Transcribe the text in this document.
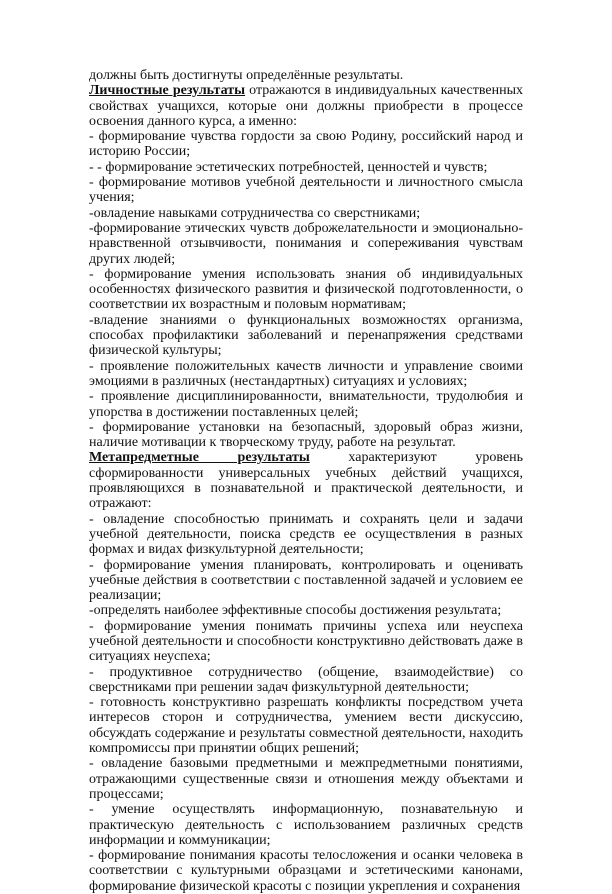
должны быть достигнуты определённые результаты.

Личностные результаты отражаются в индивидуальных качественных свойствах учащихся, которые они должны приобрести в процессе освоения данного курса, а именно:

- формирование чувства гордости за свою Родину, российский народ и историю России;

- - формирование эстетических потребностей, ценностей и чувств;

- формирование мотивов учебной деятельности и личностного смысла учения;

-овладение навыками сотрудничества со сверстниками;

-формирование этических чувств доброжелательности и эмоционально-нравственной отзывчивости, понимания и сопереживания чувствам других людей;

- формирование умения использовать знания об индивидуальных особенностях физического развития и физической подготовленности, о соответствии их возрастным и половым нормативам;

-владение знаниями о функциональных возможностях организма, способах профилактики заболеваний и перенапряжения средствами физической культуры;

- проявление положительных качеств личности и управление своими эмоциями в различных (нестандартных) ситуациях и условиях;

- проявление дисциплинированности, внимательности, трудолюбия и упорства в достижении поставленных целей;

- формирование установки на безопасный, здоровый образ жизни, наличие мотивации к творческому труду, работе на результат.

Метапредметные результаты характеризуют уровень сформированности универсальных учебных действий учащихся, проявляющихся в познавательной и практической деятельности, и отражают:

- овладение способностью принимать и сохранять цели и задачи учебной деятельности, поиска средств ее осуществления в разных формах и видах физкультурной деятельности;

- формирование умения планировать, контролировать и оценивать учебные действия в соответствии с поставленной задачей и условием ее реализации;

-определять наиболее эффективные способы достижения результата;

- формирование умения понимать причины успеха или неуспеха учебной деятельности и способности конструктивно действовать даже в ситуациях неуспеха;

- продуктивное сотрудничество (общение, взаимодействие) со сверстниками при решении задач физкультурной деятельности;

- готовность конструктивно разрешать конфликты посредством учета интересов сторон и сотрудничества, умением вести дискуссию, обсуждать содержание и результаты совместной деятельности, находить компромиссы при принятии общих решений;

- овладение базовыми предметными и межпредметными понятиями, отражающими существенные связи и отношения между объектами и процессами;

- умение осуществлять информационную, познавательную и практическую деятельность с использованием различных средств информации и коммуникации;

- формирование понимания красоты телосложения и осанки человека в соответствии с культурными образцами и эстетическими канонами, формирование физической красоты с позиции укрепления и сохранения
